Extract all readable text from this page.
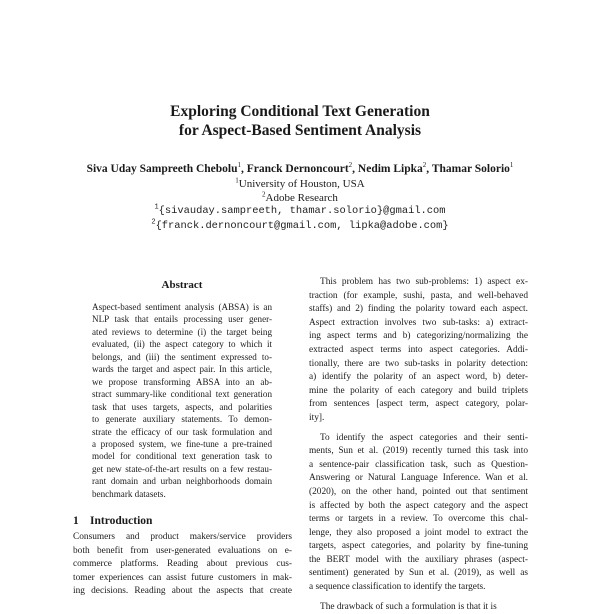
Exploring Conditional Text Generation
for Aspect-Based Sentiment Analysis
Siva Uday Sampreeth Chebolu$^1$, Franck Dernoncourt$^2$, Nedim Lipka$^2$, Thamar Solorio$^1$
$^1$University of Houston, USA
$^2$Adobe Research
$^1${sivauday.sampreeth, thamar.solorio}@gmail.com
$^2${franck.dernoncourt@gmail.com, lipka@adobe.com}
Abstract
Aspect-based sentiment analysis (ABSA) is an
NLP task that entails processing user gener-
ated reviews to determine (i) the target being
evaluated, (ii) the aspect category to which it
belongs, and (iii) the sentiment expressed to-
wards the target and aspect pair. In this article,
we propose transforming ABSA into an ab-
stract summary-like conditional text generation
task that uses targets, aspects, and polarities
to generate auxiliary statements. To demon-
strate the efficacy of our task formulation and
a proposed system, we fine-tune a pre-trained
model for conditional text generation task to
get new state-of-the-art results on a few restau-
rant domain and urban neighborhoods domain
benchmark datasets.
1 Introduction
Consumers and product makers/service providers
both benefit from user-generated evaluations on e-
commerce platforms. Reading about previous cus-
tomer experiences can assist future customers in mak-
ing decisions. Reading about the aspects that create
This problem has two sub-problems: 1) aspect ex-
traction (for example, sushi, pasta, and well-behaved
staffs) and 2) finding the polarity toward each aspect.
Aspect extraction involves two sub-tasks: a) extract-
ing aspect terms and b) categorizing/normalizing the
extracted aspect terms into aspect categories. Addi-
tionally, there are two sub-tasks in polarity detection:
a) identify the polarity of an aspect word, b) deter-
mine the polarity of each category and build triplets
from sentences [aspect term, aspect category, polar-
ity].
To identify the aspect categories and their senti-
ments, Sun et al. (2019) recently turned this task into
a sentence-pair classification task, such as Question-
Answering or Natural Language Inference. Wan et al.
(2020), on the other hand, pointed out that sentiment
is affected by both the aspect category and the aspect
terms or targets in a review. To overcome this chal-
lenge, they also proposed a joint model to extract the
targets, aspect categories, and polarity by fine-tuning
the BERT model with the auxiliary phrases (aspect-
sentiment) generated by Sun et al. (2019), as well as
a sequence classification to identify the targets.
The drawback of such a formulation is that it is
